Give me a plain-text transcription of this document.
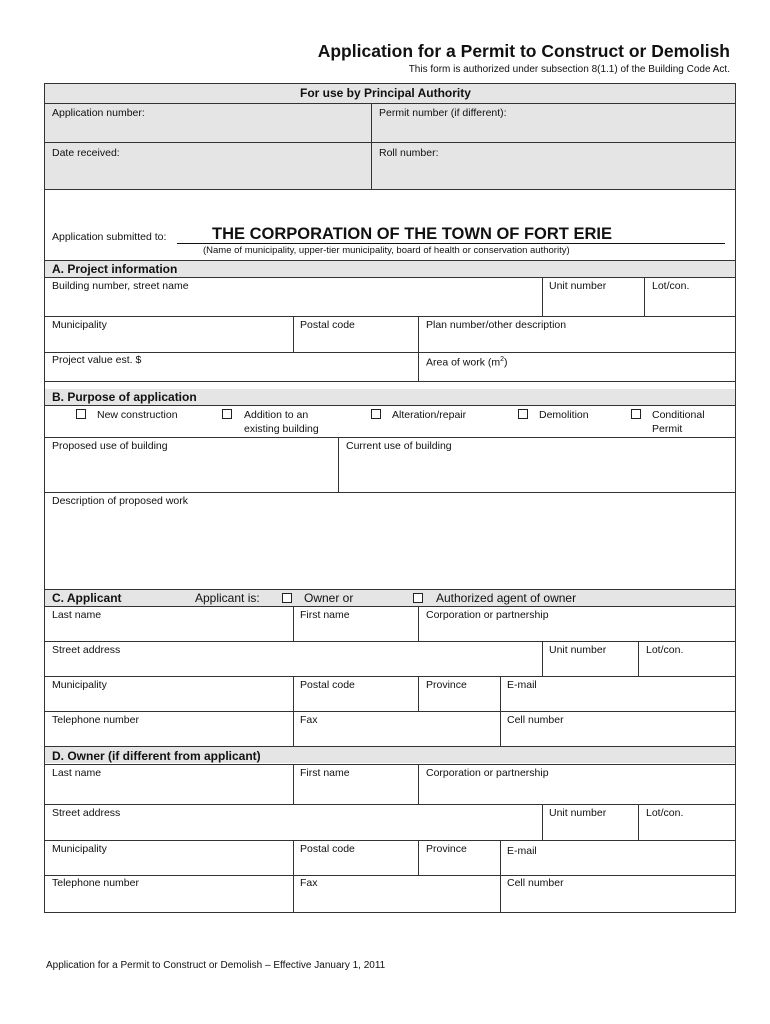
Application for a Permit to Construct or Demolish
This form is authorized under subsection 8(1.1) of the Building Code Act.
For use by Principal Authority
Application number:	Permit number (if different):
Date received:	Roll number:
Application submitted to:	THE CORPORATION OF THE TOWN OF FORT ERIE
(Name of municipality, upper-tier municipality, board of health or conservation authority)
A. Project information
Building number, street name	Unit number	Lot/con.
Municipality	Postal code	Plan number/other description
Project value est. $	Area of work $(m^2)$
B. Purpose of application
New construction	Addition to an
existing building
Alteration/repair	Demolition	Conditional
Permit
Proposed use of building	Current use of building
Description of proposed work
C. Applicant	Applicant is:	Owner or	Authorized agent of owner
Last name	First name	Corporation or partnership
Street address	Unit number	Lot/con.
Municipality	Postal code	Province	E-mail
Telephone number	Fax	Cell number
D. Owner (if different from applicant)
Last name	First name	Corporation or partnership
Street address	Unit number	Lot/con.
Municipality	Postal code	Province	E-mail
Telephone number	Fax	Cell number
Application for a Permit to Construct or Demolish – Effective January 1, 2011
